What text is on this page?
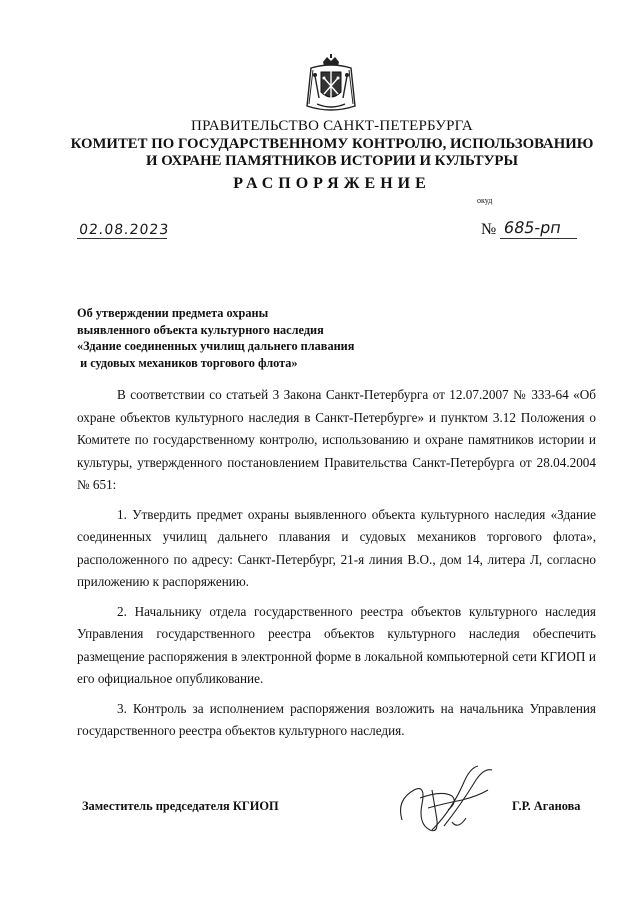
ПРАВИТЕЛЬСТВО САНКТ-ПЕТЕРБУРГА
КОМИТЕТ ПО ГОСУДАРСТВЕННОМУ КОНТРОЛЮ, ИСПОЛЬЗОВАНИЮ
И ОХРАНЕ ПАМЯТНИКОВ ИСТОРИИ И КУЛЬТУРЫ
РАСПОРЯЖЕНИЕ
окуд
02.08.2023	№ 685-рп
Об утверждении предмета охраны
выявленного объекта культурного наследия
«Здание соединенных училищ дальнего плавания
и судовых механиков торгового флота»

В соответствии со статьей 3 Закона Санкт-Петербурга от 12.07.2007 № 333-64 «Об охране объектов культурного наследия в Санкт-Петербурге» и пунктом 3.12 Положения о Комитете по государственному контролю, использованию и охране памятников истории и культуры, утвержденного постановлением Правительства Санкт-Петербурга от 28.04.2004 № 651:

1. Утвердить предмет охраны выявленного объекта культурного наследия «Здание соединенных училищ дальнего плавания и судовых механиков торгового флота», расположенного по адресу: Санкт-Петербург, 21-я линия В.О., дом 14, литера Л, согласно приложению к распоряжению.

2. Начальнику отдела государственного реестра объектов культурного наследия Управления государственного реестра объектов культурного наследия обеспечить размещение распоряжения в электронной форме в локальной компьютерной сети КГИОП и его официальное опубликование.

3. Контроль за исполнением распоряжения возложить на начальника Управления государственного реестра объектов культурного наследия.

Заместитель председателя КГИОП	Г.Р. Аганова
